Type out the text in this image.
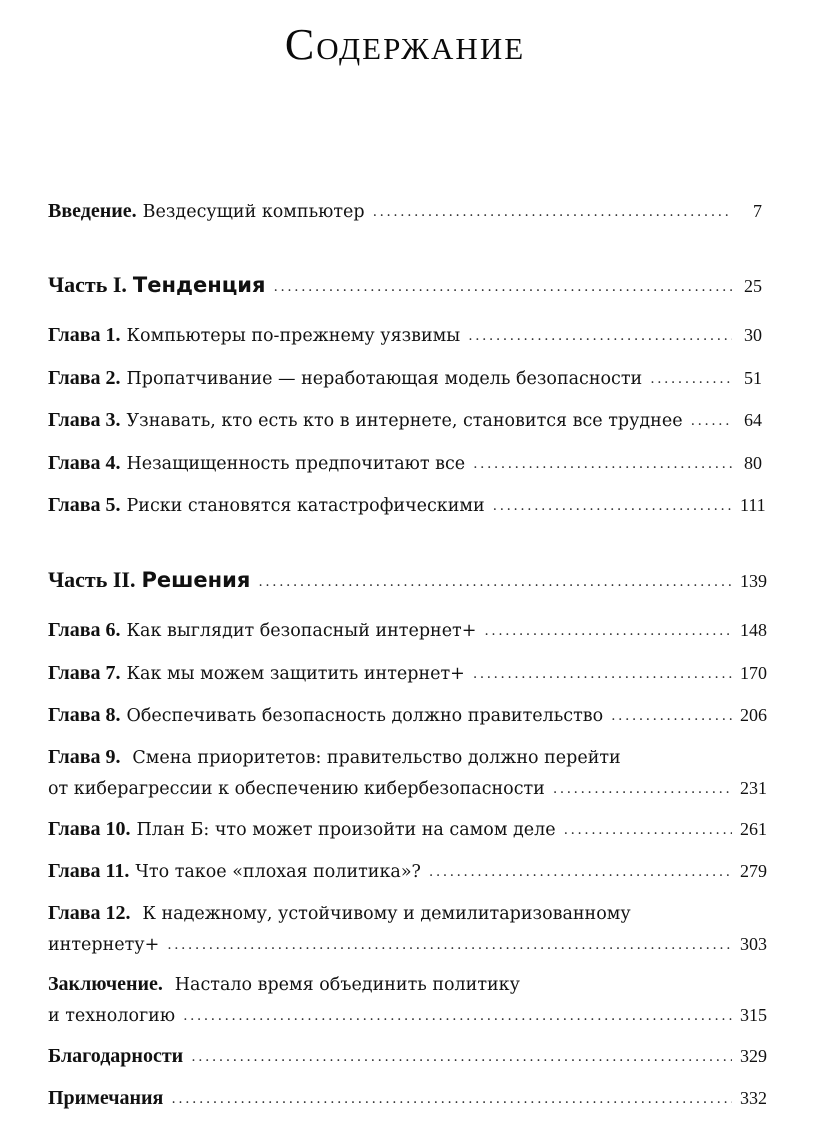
Содержание
Введение. Вездесущий компьютер . . .	7
Часть I. Тенденция . . .	25
Глава 1. Компьютеры по-прежнему уязвимы . . .	30
Глава 2. Пропатчивание — неработающая модель безопасности . . .	51
Глава 3. Узнавать, кто есть кто в интернете, становится все труднее . . .	64
Глава 4. Незащищенность предпочитают все . . .	80
Глава 5. Риски становятся катастрофическими . . .	111
Часть II. Решения . . .	139
Глава 6. Как выглядит безопасный интернет+ . . .	148
Глава 7. Как мы можем защитить интернет+ . . .	170
Глава 8. Обеспечивать безопасность должно правительство . . .	206
Глава 9. Смена приоритетов: правительство должно перейти
от киберагрессии к обеспечению кибербезопасности . . .	231
Глава 10. План Б: что может произойти на самом деле . . .	261
Глава 11. Что такое «плохая политика»? . . .	279
Глава 12. К надежному, устойчивому и демилитаризованному
интернету+ . . .	303
Заключение. Настало время объединить политику
и технологию . . .	315
Благодарности . . .	329
Примечания . . .	332
